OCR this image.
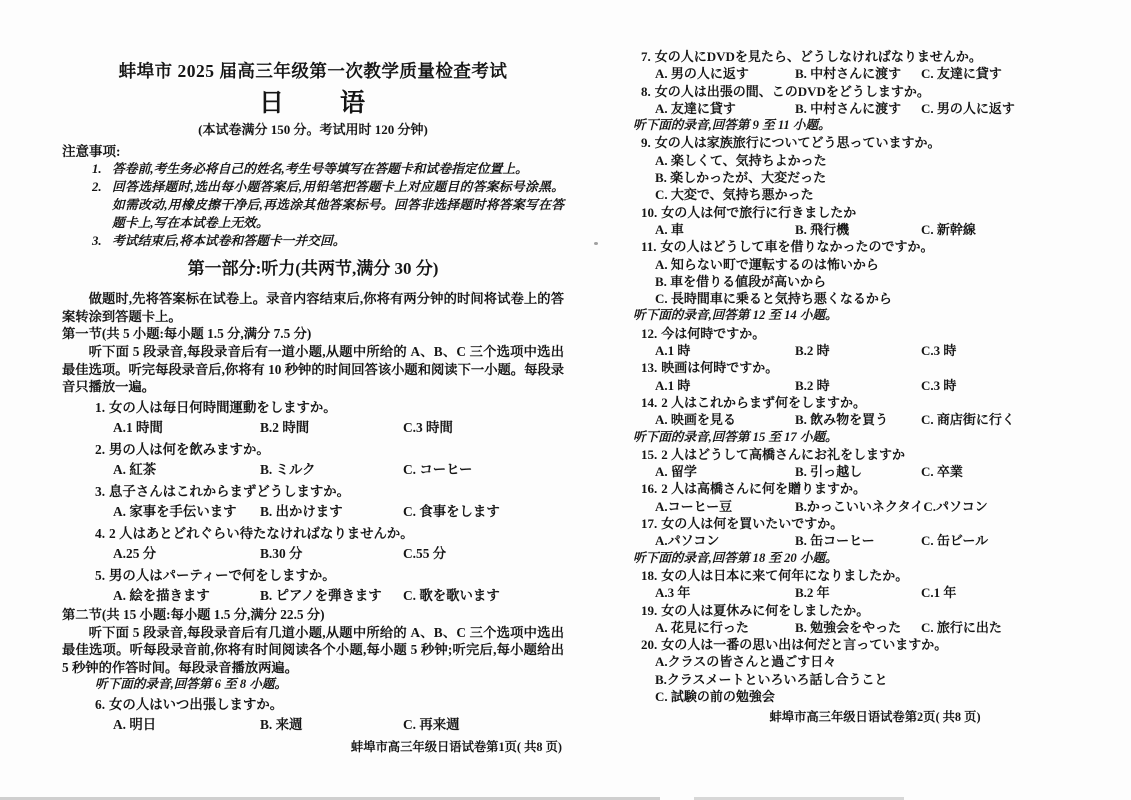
蚌埠市 2025 届高三年级第一次教学质量检查考试
日　　语
(本试卷满分 150 分。考试用时 120 分钟)
注意事项:
1. 答卷前,考生务必将自己的姓名,考生号等填写在答题卡和试卷指定位置上。
2. 回答选择题时,选出每小题答案后,用铅笔把答题卡上对应题目的答案标号涂黑。如需改动,用橡皮擦干净后,再选涂其他答案标号。回答非选择题时将答案写在答题卡上,写在本试卷上无效。
3. 考试结束后,将本试卷和答题卡一并交回。
第一部分:听力(共两节,满分 30 分)
做题时,先将答案标在试卷上。录音内容结束后,你将有两分钟的时间将试卷上的答案转涂到答题卡上。
第一节(共 5 小题:每小题 1.5 分,满分 7.5 分)
听下面 5 段录音,每段录音后有一道小题,从题中所给的 A、B、C 三个选项中选出最佳选项。听完每段录音后,你将有 10 秒钟的时间回答该小题和阅读下一小题。每段录音只播放一遍。
1. 女の人は毎日何時間運動をしますか。
A.1 時間	B.2 時間	C.3 時間
2. 男の人は何を飲みますか。
A. 紅茶	B. ミルク	C. コーヒー
3. 息子さんはこれからまずどうしますか。
A. 家事を手伝います	B. 出かけます	C. 食事をします
4. 2 人はあとどれぐらい待たなければなりませんか。
A.25 分	B.30 分	C.55 分
5. 男の人はパーティーで何をしますか。
A. 絵を描きます	B. ピアノを弾きます	C. 歌を歌います
第二节(共 15 小题:每小题 1.5 分,满分 22.5 分)
听下面 5 段录音,每段录音后有几道小题,从题中所给的 A、B、C 三个选项中选出最佳选项。听每段录音前,你将有时间阅读各个小题,每小题 5 秒钟;听完后,每小题给出 5 秒钟的作答时间。每段录音播放两遍。
听下面的录音,回答第 6 至 8 小题。
6. 女の人はいつ出張しますか。
A. 明日	B. 来週	C. 再来週
蚌埠市高三年级日语试卷第1页( 共8 页)
7. 女の人にDVDを見たら、どうしなければなりませんか。
A. 男の人に返す	B. 中村さんに渡す	C. 友達に貸す
8. 女の人は出張の間、このDVDをどうしますか。
A. 友達に貸す	B. 中村さんに渡す	C. 男の人に返す
听下面的录音,回答第 9 至 11 小题。
9. 女の人は家族旅行についてどう思っていますか。
A. 楽しくて、気持ちよかった
B. 楽しかったが、大変だった
C. 大変で、気持ち悪かった
10. 女の人は何で旅行に行きましたか
A. 車	B. 飛行機	C. 新幹線
11. 女の人はどうして車を借りなかったのですか。
A. 知らない町で運転するのは怖いから
B. 車を借りる値段が高いから
C. 長時間車に乗ると気持ち悪くなるから
听下面的录音,回答第 12 至 14 小题。
12. 今は何時ですか。
A.1 時	B.2 時	C.3 時
13. 映画は何時ですか。
A.1 時	B.2 時	C.3 時
14. 2 人はこれからまず何をしますか。
A. 映画を見る	B. 飲み物を買う	C. 商店街に行く
听下面的录音,回答第 15 至 17 小题。
15. 2 人はどうして高橋さんにお礼をしますか
A. 留学	B. 引っ越し	C. 卒業
16. 2 人は高橋さんに何を贈りますか。
A.コーヒー豆	B.かっこいいネクタイ C.パソコン
17. 女の人は何を買いたいですか。
A.パソコン	B. 缶コーヒー	C. 缶ビール
听下面的录音,回答第 18 至 20 小题。
18. 女の人は日本に来て何年になりましたか。
A.3 年	B.2 年	C.1 年
19. 女の人は夏休みに何をしましたか。
A. 花見に行った	B. 勉強会をやった	C. 旅行に出た
20. 女の人は一番の思い出は何だと言っていますか。
A.クラスの皆さんと過ごす日々
B.クラスメートといろいろ話し合うこと
C. 試験の前の勉強会
蚌埠市高三年级日语试卷第2页( 共8 页)
